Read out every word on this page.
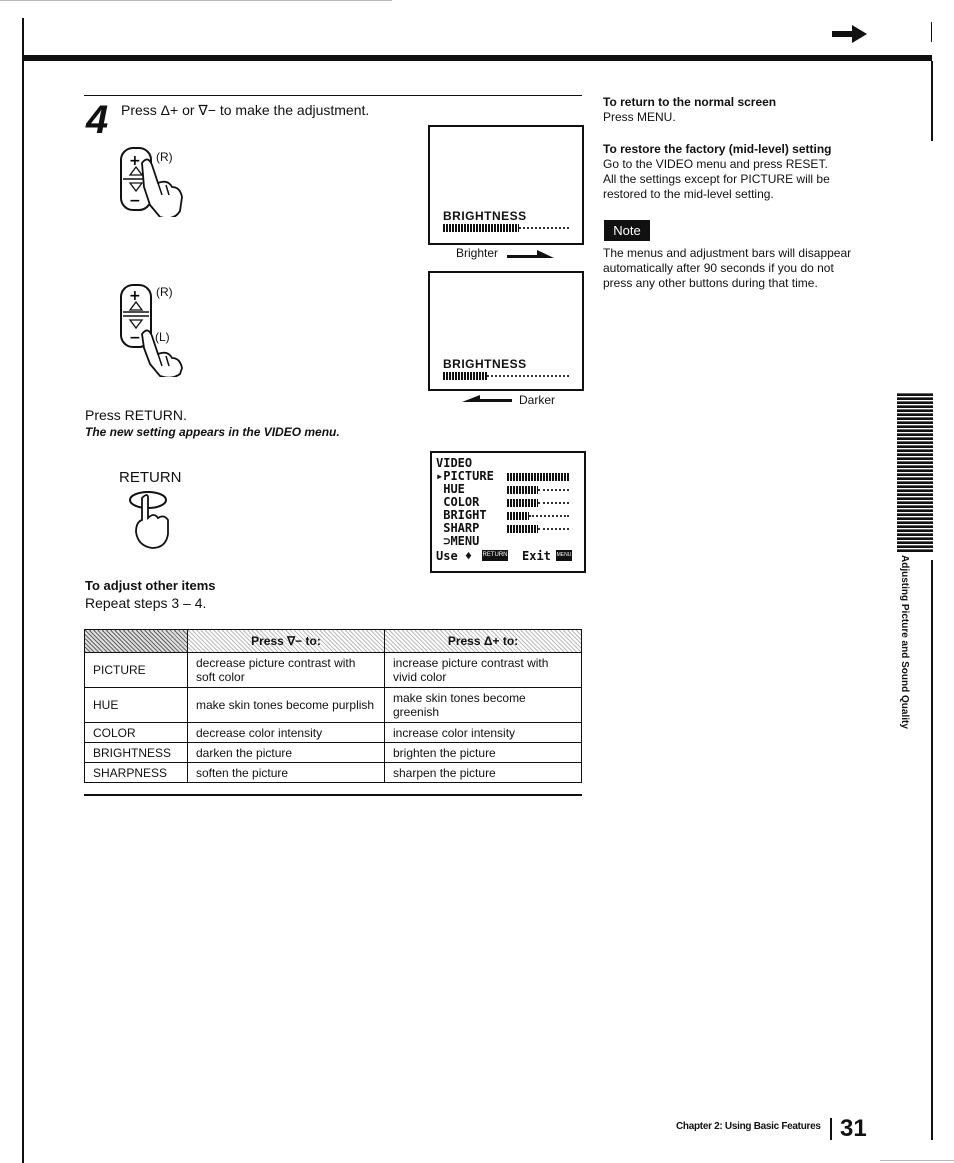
4 Press Δ+ or ∇− to make the adjustment.
+
−
(R)
+
−
(R)
(L)
Press RETURN.
The new setting appears in the VIDEO menu.
RETURN
To adjust other items
Repeat steps 3 – 4.
BRIGHTNESS
Brighter
BRIGHTNESS
Darker
VIDEO
▸PICTURE
HUE
COLOR
BRIGHT
SHARP
⊃MENU
Use ♦ RETURN Exit MENU
To return to the normal screen
Press MENU.
To restore the factory (mid-level) setting
Go to the VIDEO menu and press RESET.
All the settings except for PICTURE will be
restored to the mid-level setting.
Note
The menus and adjustment bars will disappear
automatically after 90 seconds if you do not
press any other buttons during that time.
	Press ∇− to:	Press Δ+ to:
PICTURE	decrease picture contrast with soft color	increase picture contrast with vivid color
HUE	make skin tones become purplish	make skin tones become greenish
COLOR	decrease color intensity	increase color intensity
BRIGHTNESS	darken the picture	brighten the picture
SHARPNESS	soften the picture	sharpen the picture
Adjusting Picture and Sound Quality
Chapter 2: Using Basic Features 31
